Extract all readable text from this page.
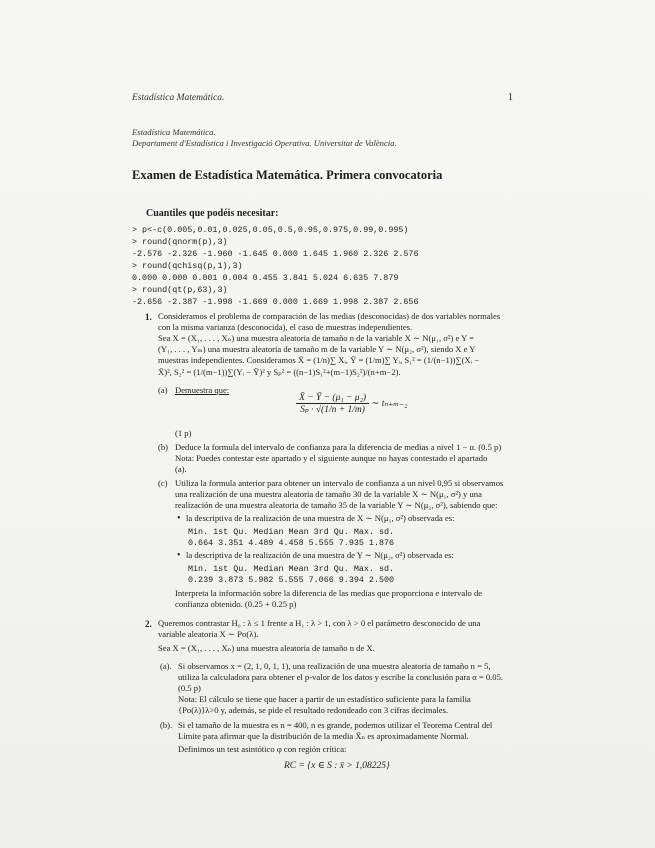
Estadística Matemática.	1
Estadística Matemática.
Departament d'Estadística i Investigació Operativa. Universitat de València.
Examen de Estadística Matemática. Primera convocatoria
Cuantiles que podéis necesitar:
> p<-c(0.005,0.01,0.025,0.05,0.5,0.95,0.975,0.99,0.995)
> round(qnorm(p),3)
-2.576 -2.326 -1.960 -1.645 0.000 1.645 1.960 2.326 2.576
> round(qchisq(p,1),3)
0.000 0.000 0.001 0.004 0.455 3.841 5.024 6.635 7.879
> round(qt(p,63),3)
-2.656 -2.387 -1.998 -1.669 0.000 1.669 1.998 2.387 2.656
1. Consideramos el problema de comparación de las medias (desconocidas) de dos variables normales
con la misma varianza (desconocida), el caso de muestras independientes.
Sea X = (X₁, . . . , Xₙ) una muestra aleatoria de tamaño n de la variable X ∼ N(μ₁, σ²) e Y =
(Y₁, . . . , Yₘ) una muestra aleatoria de tamaño m de la variable Y ∼ N(μ₂, σ²), siendo X e Y
muestras independientes. Consideramos X̄ = (1/n)∑ Xᵢ, Ȳ = (1/m)∑ Yᵢ, S₁² = (1/(n−1))∑(Xᵢ −
X̄)², S₂² = (1/(m−1))∑(Yᵢ − Ȳ)² y Sₚ² = ((n−1)S₁²+(m−1)S₂²)/(n+m−2).
(a) Demuestra que:
$\frac{\text{X̄ − Ȳ − (μ₁ − μ₂)}}{\text{Sₚ · √(1/n + 1/m)}}$ ∼ tₙ₊ₘ₋₂
(1 p)
(b) Deduce la formula del intervalo de confianza para la diferencia de medias a nivel 1 − α. (0.5 p)
Nota: Puedes contestar este apartado y el siguiente aunque no hayas contestado el apartado
(a).
(c) Utiliza la formula anterior para obtener un intervalo de confianza a un nivel 0,95 si observamos
una realización de una muestra aleatoria de tamaño 30 de la variable X ∼ N(μ₁, σ²) y una
realización de una muestra aleatoria de tamaño 35 de la variable Y ∼ N(μ₂, σ²), sabiendo que:
• la descriptiva de la realización de una muestra de X ∼ N(μ₁, σ²) observada es:
Min. 1st Qu. Median Mean 3rd Qu. Max. sd.
0.664 3.351 4.489 4.458 5.555 7.935 1.876
• la descriptiva de la realización de una muestra de Y ∼ N(μ₂, σ²) observada es:
Min. 1st Qu. Median Mean 3rd Qu. Max. sd.
0.239 3.873 5.982 5.555 7.066 9.394 2.500
Interpreta la información sobre la diferencia de las medias que proporciona e intervalo de
confianza obtenido. (0.25 + 0.25 p)
2. Queremos contrastar H₀ : λ ≤ 1 frente a H₁ : λ > 1, con λ > 0 el parámetro desconocido de una
variable aleatoria X ∼ Po(λ).
Sea X = (X₁, . . . , Xₙ) una muestra aleatoria de tamaño n de X.
(a). Si observamos x = (2, 1, 0, 1, 1), una realización de una muestra aleatoria de tamaño n = 5,
utiliza la calculadora para obtener el p-valor de los datos y escribe la conclusión para α = 0.05.
(0.5 p)
Nota: El cálculo se tiene que hacer a partir de un estadístico suficiente para la familia
{Po(λ)}λ>0 y, además, se pide el resultado redondeado con 3 cifras decimales.
(b). Si el tamaño de la muestra es n = 400, n es grande, podemos utilizar el Teorema Central del
Límite para afirmar que la distribución de la media X̄ₙ es aproximadamente Normal.
Definimos un test asintótico φ con región crítica:
RC = {x ∈ S : x̄ > 1,08225}
